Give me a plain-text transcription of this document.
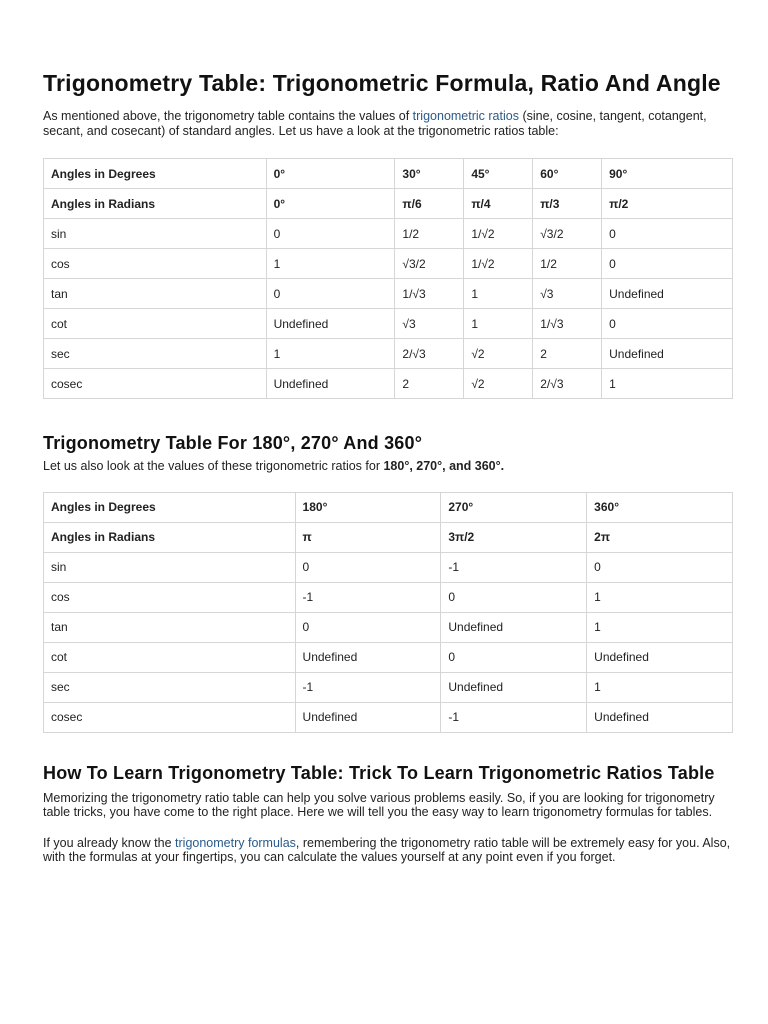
Trigonometry Table: Trigonometric Formula, Ratio And Angle

As mentioned above, the trigonometry table contains the values of trigonometric ratios (sine, cosine, tangent, cotangent, secant, and cosecant) of standard angles. Let us have a look at the trigonometric ratios table:

Angles in Degrees	0°	30°	45°	60°	90°
Angles in Radians	0°	π/6	π/4	π/3	π/2
sin	0	1/2	1/√2	√3/2	0
cos	1	√3/2	1/√2	1/2	0
tan	0	1/√3	1	√3	Undefined
cot	Undefined	√3	1	1/√3	0
sec	1	2/√3	√2	2	Undefined
cosec	Undefined	2	√2	2/√3	1
Trigonometry Table For 180°, 270° And 360°

Let us also look at the values of these trigonometric ratios for 180°, 270°, and 360°.

Angles in Degrees	180°	270°	360°
Angles in Radians	π	3π/2	2π
sin	0	-1	0
cos	-1	0	1
tan	0	Undefined	1
cot	Undefined	0	Undefined
sec	-1	Undefined	1
cosec	Undefined	-1	Undefined
How To Learn Trigonometry Table: Trick To Learn Trigonometric Ratios Table

Memorizing the trigonometry ratio table can help you solve various problems easily. So, if you are looking for trigonometry table tricks, you have come to the right place. Here we will tell you the easy way to learn trigonometry formulas for tables.

If you already know the trigonometry formulas, remembering the trigonometry ratio table will be extremely easy for you. Also, with the formulas at your fingertips, you can calculate the values yourself at any point even if you forget.
